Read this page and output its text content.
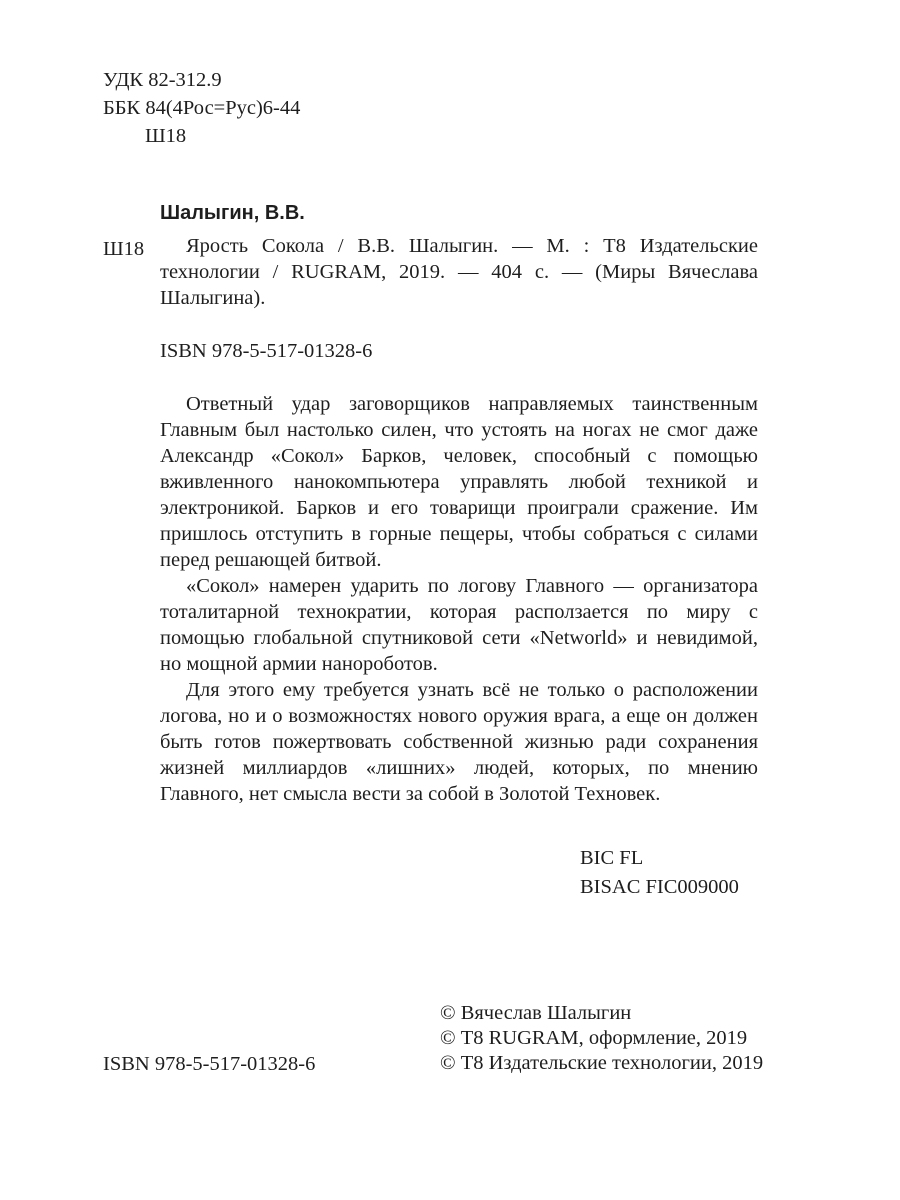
УДК 82-312.9
ББК 84(4Рос=Рус)6-44
Ш18
Шалыгин, В.В.
Ш18	Ярость Сокола / В.В. Шалыгин. — М. : Т8 Издательские технологии / RUGRAM, 2019. — 404 с. — (Миры Вячеслава Шалыгина).
ISBN 978-5-517-01328-6

Ответный удар заговорщиков направляемых таинственным Главным был настолько силен, что устоять на ногах не смог даже Александр «Сокол» Барков, человек, способный с помощью вживленного нанокомпьютера управлять любой техникой и электроникой. Барков и его товарищи проиграли сражение. Им пришлось отступить в горные пещеры, чтобы собраться с силами перед решающей битвой.

«Сокол» намерен ударить по логову Главного — организатора тоталитарной технократии, которая расползается по миру с помощью глобальной спутниковой сети «Networld» и невидимой, но мощной армии нанороботов.

Для этого ему требуется узнать всё не только о расположении логова, но и о возможностях нового оружия врага, а еще он должен быть готов пожертвовать собственной жизнью ради сохранения жизней миллиардов «лишних» людей, которых, по мнению Главного, нет смысла вести за собой в Золотой Техновек.

BIC FL
BISAC FIC009000
ISBN 978-5-517-01328-6
© Вячеслав Шалыгин
© Т8 RUGRAM, оформление, 2019
© Т8 Издательские технологии, 2019
